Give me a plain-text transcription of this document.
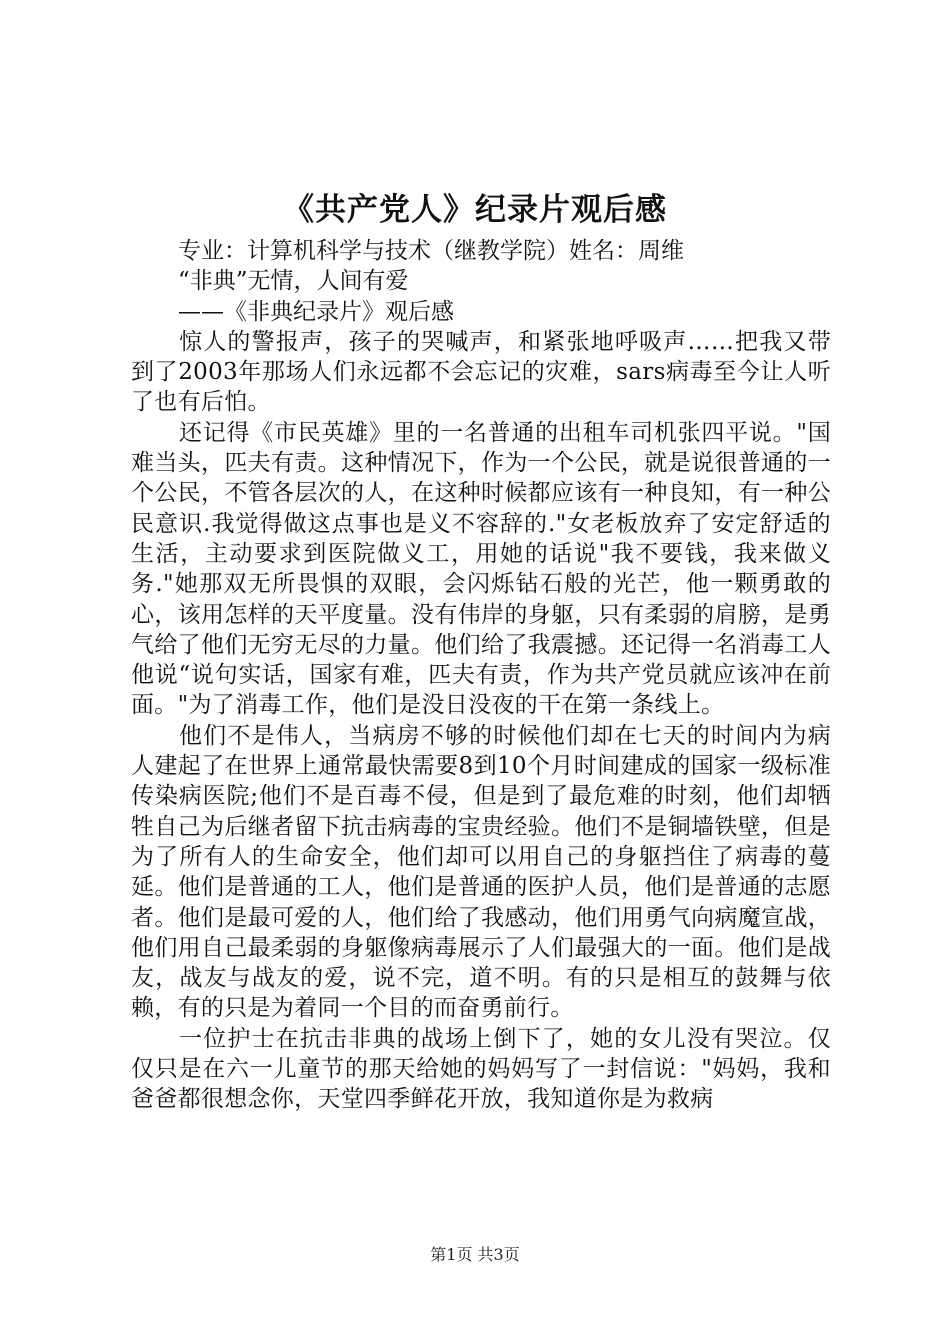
《共产党人》纪录片观后感

专业：计算机科学与技术（继教学院）姓名：周维

“非典”无情，人间有爱

——《非典纪录片》观后感

惊人的警报声，孩子的哭喊声，和紧张地呼吸声……把我又带到了2003年那场人们永远都不会忘记的灾难，sars病毒至今让人听了也有后怕。

还记得《市民英雄》里的一名普通的出租车司机张四平说。"国难当头，匹夫有责。这种情况下，作为一个公民，就是说很普通的一个公民，不管各层次的人，在这种时候都应该有一种良知，有一种公民意识.我觉得做这点事也是义不容辞的."女老板放弃了安定舒适的生活，主动要求到医院做义工，用她的话说"我不要钱，我来做义务."她那双无所畏惧的双眼，会闪烁钻石般的光芒，他一颗勇敢的心，该用怎样的天平度量。没有伟岸的身躯，只有柔弱的肩膀，是勇气给了他们无穷无尽的力量。他们给了我震撼。还记得一名消毒工人他说“说句实话，国家有难，匹夫有责，作为共产党员就应该冲在前面。"为了消毒工作，他们是没日没夜的干在第一条线上。

他们不是伟人，当病房不够的时候他们却在七天的时间内为病人建起了在世界上通常最快需要8到10个月时间建成的国家一级标准传染病医院;他们不是百毒不侵，但是到了最危难的时刻，他们却牺牲自己为后继者留下抗击病毒的宝贵经验。他们不是铜墙铁壁，但是为了所有人的生命安全，他们却可以用自己的身躯挡住了病毒的蔓延。他们是普通的工人，他们是普通的医护人员，他们是普通的志愿者。他们是最可爱的人，他们给了我感动，他们用勇气向病魔宣战，他们用自己最柔弱的身躯像病毒展示了人们最强大的一面。他们是战友，战友与战友的爱，说不完，道不明。有的只是相互的鼓舞与依赖，有的只是为着同一个目的而奋勇前行。

一位护士在抗击非典的战场上倒下了，她的女儿没有哭泣。仅仅只是在六一儿童节的那天给她的妈妈写了一封信说："妈妈，我和爸爸都很想念你，天堂四季鲜花开放，我知道你是为救病

第1页 共3页
